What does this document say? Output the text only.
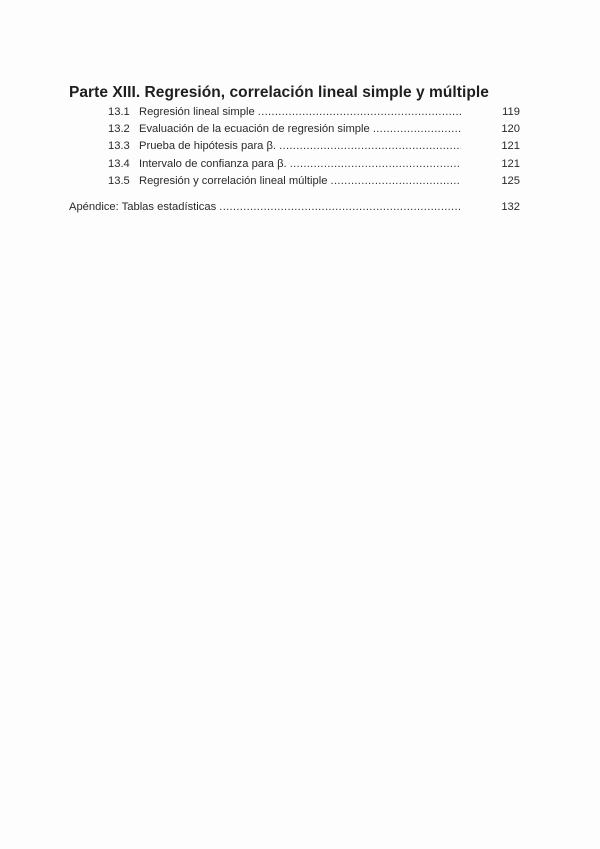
Parte XIII. Regresión, correlación lineal simple y múltiple
13.1 Regresión lineal simple .....	119
13.2 Evaluación de la ecuación de regresión simple .....	120
13.3 Prueba de hipótesis para β. .....	121
13.4 Intervalo de confianza para β. .....	121
13.5 Regresión y correlación lineal múltiple .....	125
Apéndice: Tablas estadísticas .....	132
